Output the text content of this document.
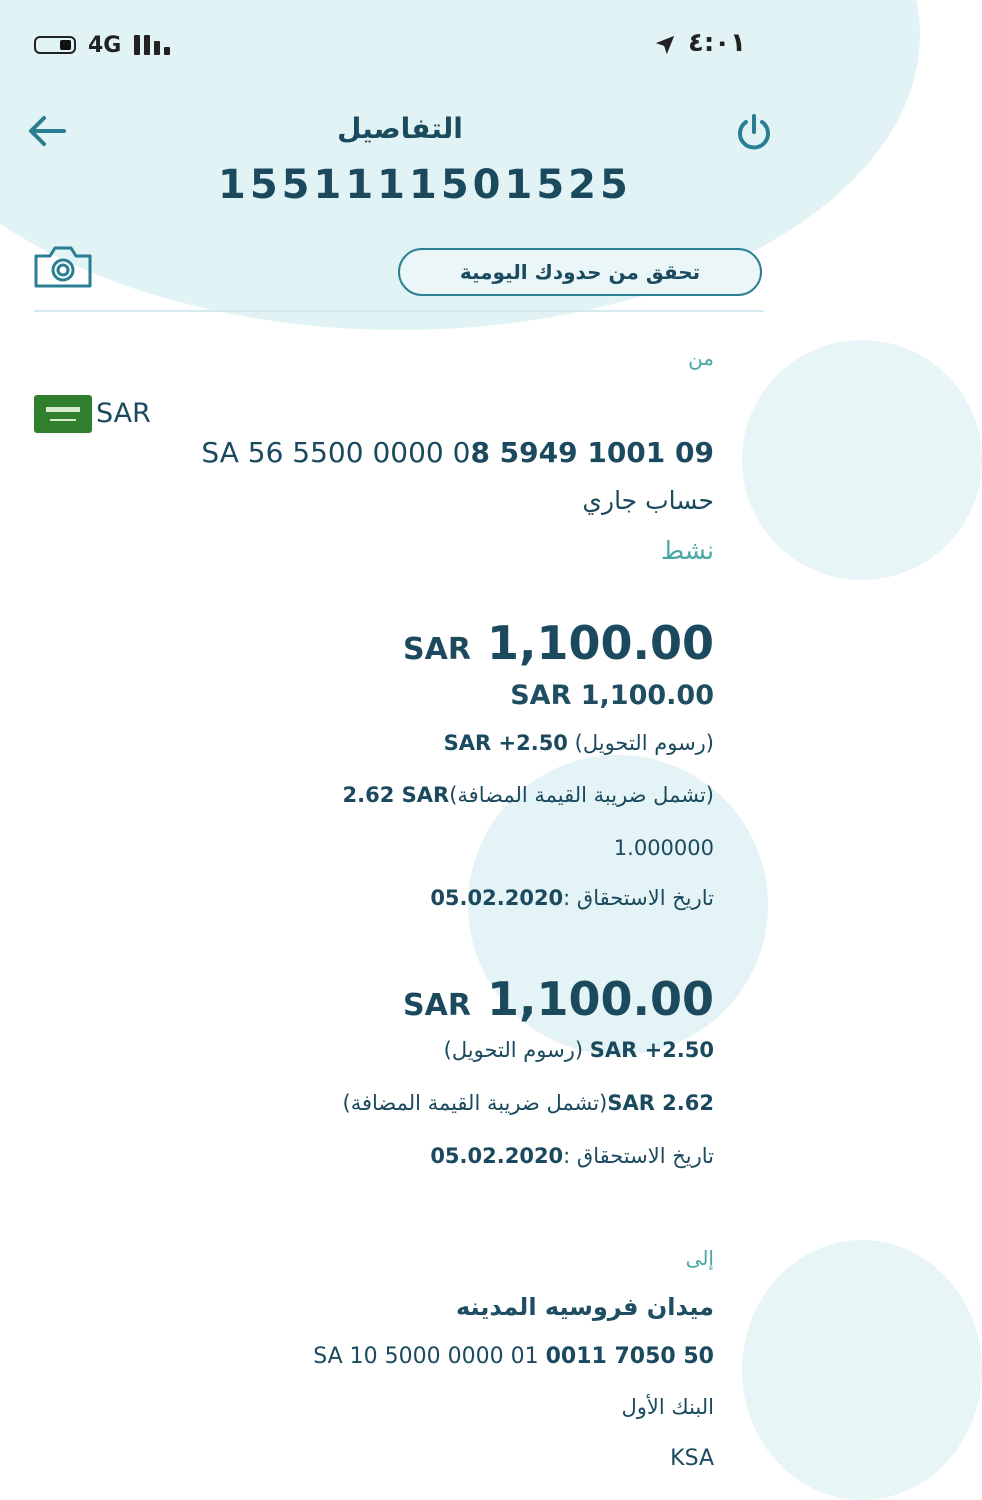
4G	٤:٠١
التفاصيل
1551111501525
تحقق من حدودك اليومية
من
SAR
SA 56 5500 0000 08 5949 1001 09
حساب جاري
نشط
SAR 1,100.00
SAR 1,100.00
(رسوم التحويل) SAR +2.50
(تشمل ضريبة القيمة المضافة)2.62 SAR
1.000000
تاريخ الاستحقاق :05.02.2020
SAR 1,100.00
SAR +2.50 (رسوم التحويل)
SAR 2.62(تشمل ضريبة القيمة المضافة)
تاريخ الاستحقاق :05.02.2020
إلى
ميدان فروسيه المدينه
SA 10 5000 0000 01 0011 7050 50
البنك الأول
KSA
